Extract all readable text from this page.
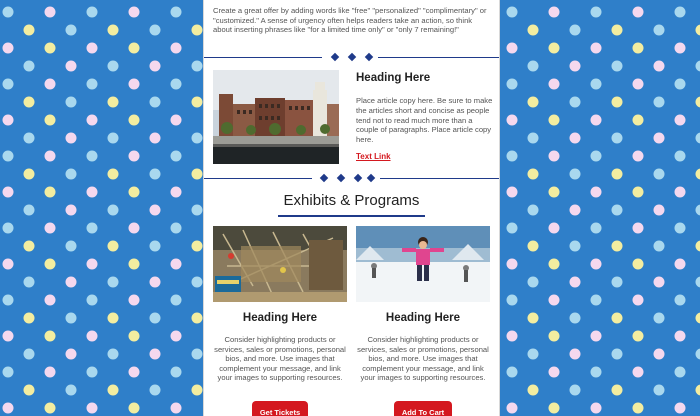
Create a great offer by adding words like "free" "personalized" "complimentary" or "customized." A sense of urgency often helps readers take an action, so think about inserting phrases like "for a limited time only" or "only 7 remaining!"
Heading Here
Place article copy here. Be sure to make the articles short and concise as people tend not to read much more than a couple of paragraphs. Place article copy here.
Text Link
Exhibits & Programs
Heading Here
Consider highlighting products or services, sales or promotions, personal bios, and more. Use images that complement your message, and link your images to supporting resources.
Get Tickets
Heading Here
Consider highlighting products or services, sales or promotions, personal bios, and more. Use images that complement your message, and link your images to supporting resources.
Add To Cart
